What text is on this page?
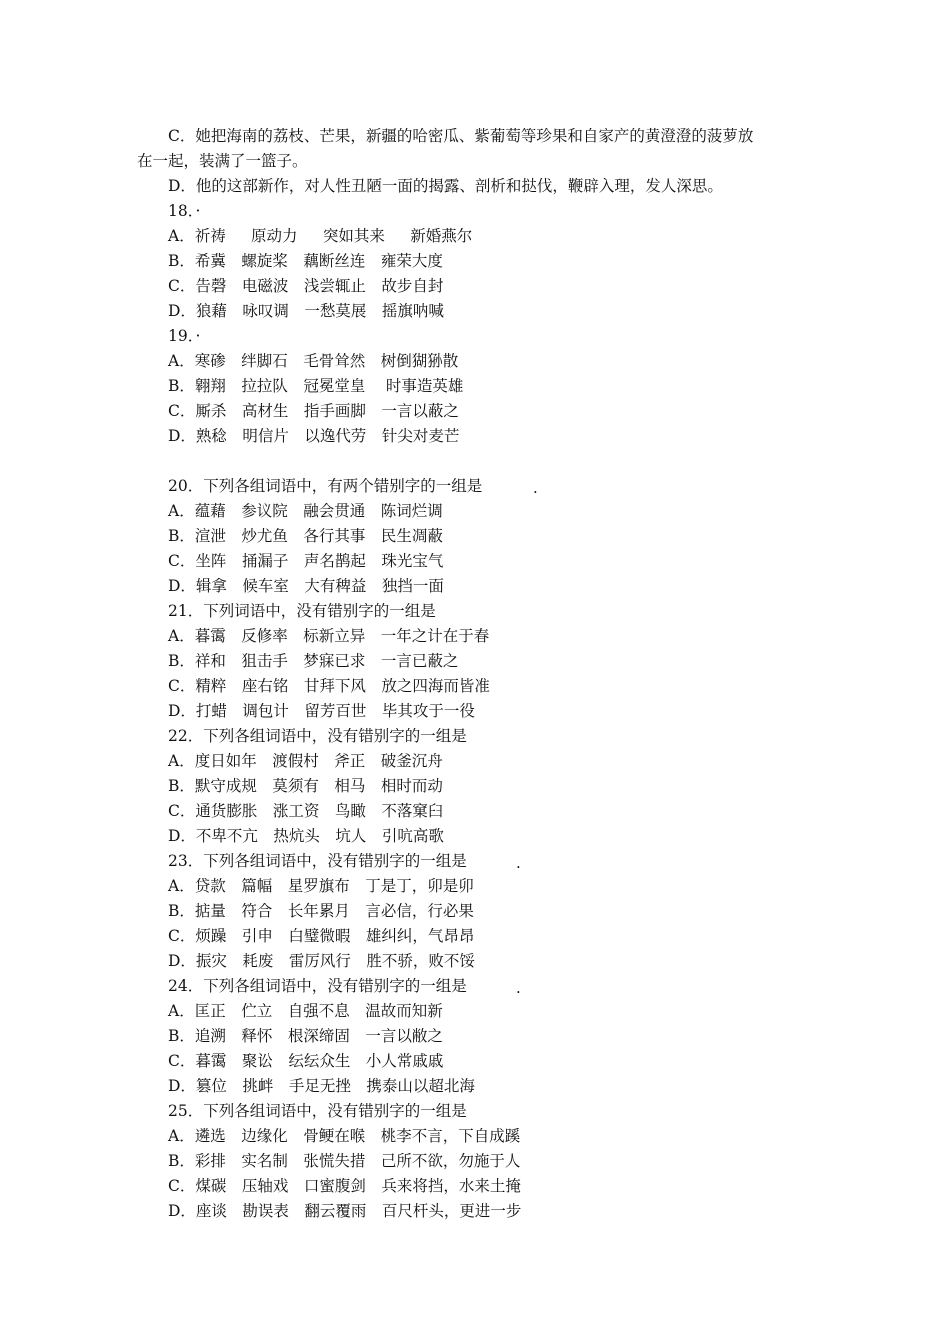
C．她把海南的荔枝、芒果，新疆的哈密瓜、紫葡萄等珍果和自家产的黄澄澄的菠萝放
在一起，装满了一篮子。
D．他的这部新作，对人性丑陋一面的揭露、剖析和挞伐，鞭辟入理，发人深思。
18．·
A．祈祷 　 原动力 　 突如其来 　 新婚燕尔
B．希冀　螺旋桨　藕断丝连　雍荣大度
C．告磬　电磁波　浅尝辄止　故步自封
D．狼藉　咏叹调　一愁莫展　摇旗呐喊
19．·
A．寒碜　绊脚石　毛骨耸然　树倒猢狲散
B．翱翔　拉拉队　冠冕堂皇 　时事造英雄
C．厮杀　高材生　指手画脚　一言以蔽之
D．熟稔　明信片　以逸代劳　针尖对麦芒
20．下列各组词语中，有两个错别字的一组是	.
A．蕴藉　参议院　融会贯通　陈词烂调
B．渲泄　炒尤鱼　各行其事　民生凋蔽
C．坐阵　捅漏子　声名鹊起　珠光宝气
D．辑拿　候车室　大有稗益　独挡一面
21．下列词语中，没有错别字的一组是
A．暮霭　反修率　标新立异　一年之计在于春
B．祥和　狙击手　梦寐已求　一言已蔽之
C．精粹　座右铭　甘拜下风　放之四海而皆准
D．打蜡　调包计　留芳百世　毕其攻于一役
22．下列各组词语中，没有错别字的一组是
A．度日如年　渡假村　斧正　破釜沉舟
B．默守成规　莫须有　相马　相时而动
C．通货膨胀　涨工资　鸟瞰　不落窠臼
D．不卑不亢　热炕头　坑人　引吭高歌
23．下列各组词语中，没有错别字的一组是	.
A．贷款　篇幅　星罗旗布　丁是丁，卯是卯
B．掂量　符合　长年累月　言必信，行必果
C．烦躁　引申　白璧微暇　雄纠纠，气昂昂
D．振灾　耗废　雷厉风行　胜不骄，败不馁
24．下列各组词语中，没有错别字的一组是	.
A．匡正　伫立　自强不息　温故而知新
B．追溯　释怀　根深缔固　一言以敝之
C．暮霭　聚讼　纭纭众生　小人常戚戚
D．篡位　挑衅　手足无挫　携泰山以超北海
25．下列各组词语中，没有错别字的一组是
A．遴选　边缘化　骨鲠在喉　桃李不言，下自成蹊
B．彩排　实名制　张慌失措　己所不欲，勿施于人
C．煤碳　压轴戏　口蜜腹剑　兵来将挡，水来土掩
D．座谈　勘误表　翻云覆雨　百尺杆头，更进一步
